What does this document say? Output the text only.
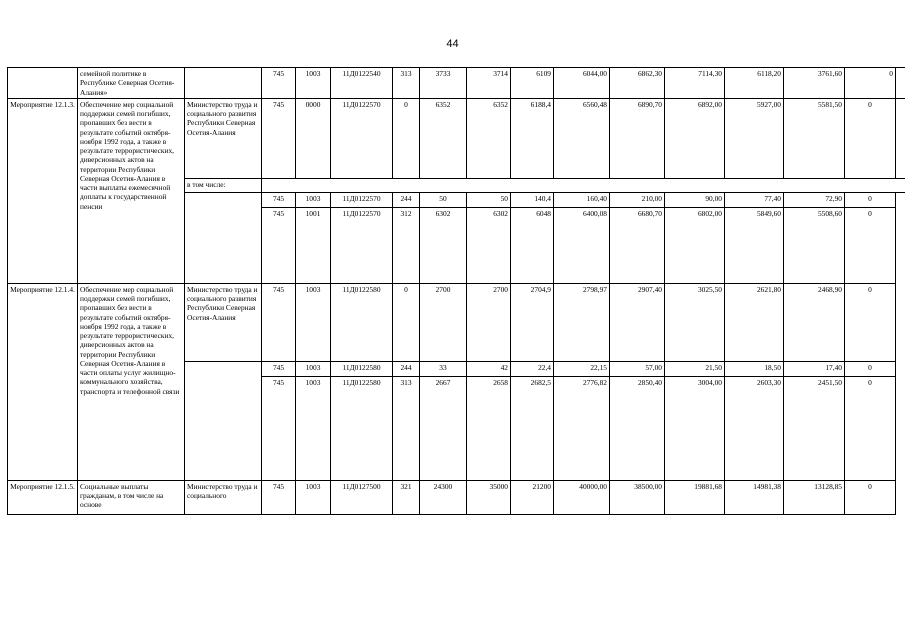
44
	семейной политике в Республике Северная Осетия-Алания»		745	1003	11Д0122540	313	3733	3714	6109	6044,00	6862,30	7114,30	6118,20	3761,60	0	
Мероприятие 12.1.3.	Обеспечение мер социальной поддержки семей погибших, пропавших без вести в результате событий октября-ноября 1992 года, а также в результате террористических, диверсионных актов на территории Республики Северная Осетия-Алания в части выплаты ежемесячной доплаты к государственной пенсии	Министерство труда и социального развития Республики Северная Осетия-Алания	745	0000	11Д0122570	0	6352	6352	6188,4	6560,48	6890,70	6892,00	5927,00	5581,50	0	
		в том числе:														
			745	1003	11Д0122570	244	50	50	140,4	160,40	210,00	90,00	77,40	72,90	0	
			745	1001	11Д0122570	312	6302	6302	6048	6400,08	6680,70	6802,00	5849,60	5508,60	0	
Мероприятие 12.1.4.	Обеспечение мер социальной поддержки семей погибших, пропавших без вести в результате событий октября-ноября 1992 года, а также в результате террористических, диверсионных актов на территории Республики Северная Осетия-Алания в части оплаты услуг жилищно-коммунального хозяйства, транспорта и телефонной связи	Министерство труда и социального развития Республики Северная Осетия-Алания	745	1003	11Д0122580	0	2700	2700	2704,9	2798,97	2907,40	3025,50	2621,80	2468,90	0	
			745	1003	11Д0122580	244	33	42	22,4	22,15	57,00	21,50	18,50	17,40	0	
			745	1003	11Д0122580	313	2667	2658	2682,5	2776,82	2850,40	3004,00	2603,30	2451,50	0	
Мероприятие 12.1.5.	Социальные выплаты гражданам, в том числе на основе	Министерство труда и социального	745	1003	11Д0127500	321	24300	35000	21200	40000,00	38500,00	19881,68	14981,38	13128,85	0	
